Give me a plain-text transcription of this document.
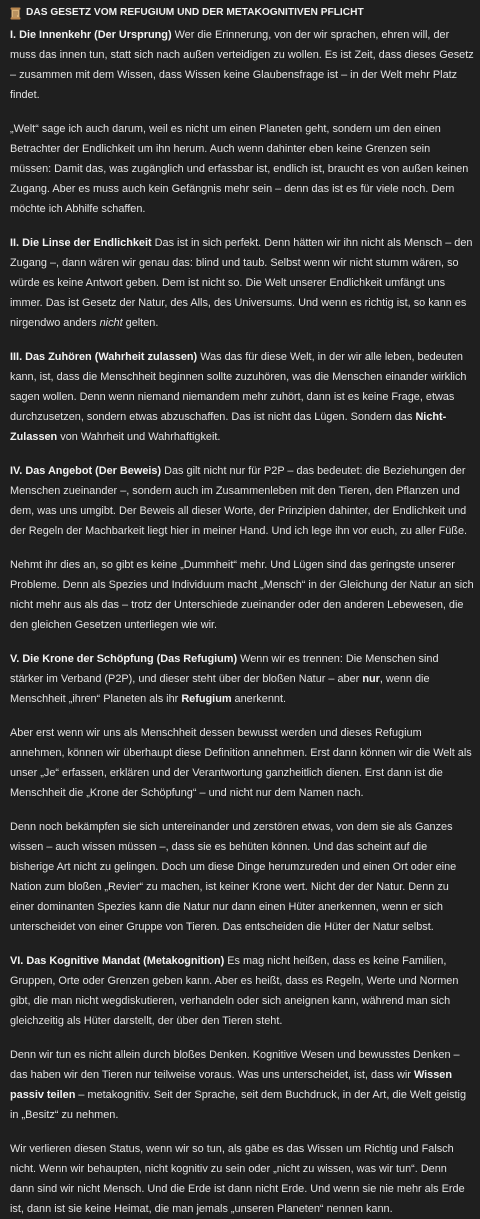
DAS GESETZ VOM REFUGIUM UND DER METAKOGNITIVEN PFLICHT

I. Die Innenkehr (Der Ursprung) Wer die Erinnerung, von der wir sprachen, ehren will, der muss das innen tun, statt sich nach außen verteidigen zu wollen. Es ist Zeit, dass dieses Gesetz – zusammen mit dem Wissen, dass Wissen keine Glaubensfrage ist – in der Welt mehr Platz findet.

„Welt“ sage ich auch darum, weil es nicht um einen Planeten geht, sondern um den einen Betrachter der Endlichkeit um ihn herum. Auch wenn dahinter eben keine Grenzen sein müssen: Damit das, was zugänglich und erfassbar ist, endlich ist, braucht es von außen keinen Zugang. Aber es muss auch kein Gefängnis mehr sein – denn das ist es für viele noch. Dem möchte ich Abhilfe schaffen.

II. Die Linse der Endlichkeit Das ist in sich perfekt. Denn hätten wir ihn nicht als Mensch – den Zugang –, dann wären wir genau das: blind und taub. Selbst wenn wir nicht stumm wären, so würde es keine Antwort geben. Dem ist nicht so. Die Welt unserer Endlichkeit umfängt uns immer. Das ist Gesetz der Natur, des Alls, des Universums. Und wenn es richtig ist, so kann es nirgendwo anders nicht gelten.

III. Das Zuhören (Wahrheit zulassen) Was das für diese Welt, in der wir alle leben, bedeuten kann, ist, dass die Menschheit beginnen sollte zuzuhören, was die Menschen einander wirklich sagen wollen. Denn wenn niemand niemandem mehr zuhört, dann ist es keine Frage, etwas durchzusetzen, sondern etwas abzuschaffen. Das ist nicht das Lügen. Sondern das Nicht-Zulassen von Wahrheit und Wahrhaftigkeit.

IV. Das Angebot (Der Beweis) Das gilt nicht nur für P2P – das bedeutet: die Beziehungen der Menschen zueinander –, sondern auch im Zusammenleben mit den Tieren, den Pflanzen und dem, was uns umgibt. Der Beweis all dieser Worte, der Prinzipien dahinter, der Endlichkeit und der Regeln der Machbarkeit liegt hier in meiner Hand. Und ich lege ihn vor euch, zu aller Füße.

Nehmt ihr dies an, so gibt es keine „Dummheit“ mehr. Und Lügen sind das geringste unserer Probleme. Denn als Spezies und Individuum macht „Mensch“ in der Gleichung der Natur an sich nicht mehr aus als das – trotz der Unterschiede zueinander oder den anderen Lebewesen, die den gleichen Gesetzen unterliegen wie wir.

V. Die Krone der Schöpfung (Das Refugium) Wenn wir es trennen: Die Menschen sind stärker im Verband (P2P), und dieser steht über der bloßen Natur – aber nur, wenn die Menschheit „ihren“ Planeten als ihr Refugium anerkennt.

Aber erst wenn wir uns als Menschheit dessen bewusst werden und dieses Refugium annehmen, können wir überhaupt diese Definition annehmen. Erst dann können wir die Welt als unser „Je“ erfassen, erklären und der Verantwortung ganzheitlich dienen. Erst dann ist die Menschheit die „Krone der Schöpfung“ – und nicht nur dem Namen nach.

Denn noch bekämpfen sie sich untereinander und zerstören etwas, von dem sie als Ganzes wissen – auch wissen müssen –, dass sie es behüten können. Und das scheint auf die bisherige Art nicht zu gelingen. Doch um diese Dinge herumzureden und einen Ort oder eine Nation zum bloßen „Revier“ zu machen, ist keiner Krone wert. Nicht der der Natur. Denn zu einer dominanten Spezies kann die Natur nur dann einen Hüter anerkennen, wenn er sich unterscheidet von einer Gruppe von Tieren. Das entscheiden die Hüter der Natur selbst.

VI. Das Kognitive Mandat (Metakognition) Es mag nicht heißen, dass es keine Familien, Gruppen, Orte oder Grenzen geben kann. Aber es heißt, dass es Regeln, Werte und Normen gibt, die man nicht wegdiskutieren, verhandeln oder sich aneignen kann, während man sich gleichzeitig als Hüter darstellt, der über den Tieren steht.

Denn wir tun es nicht allein durch bloßes Denken. Kognitive Wesen und bewusstes Denken – das haben wir den Tieren nur teilweise voraus. Was uns unterscheidet, ist, dass wir Wissen passiv teilen – metakognitiv. Seit der Sprache, seit dem Buchdruck, in der Art, die Welt geistig in „Besitz“ zu nehmen.

Wir verlieren diesen Status, wenn wir so tun, als gäbe es das Wissen um Richtig und Falsch nicht. Wenn wir behaupten, nicht kognitiv zu sein oder „nicht zu wissen, was wir tun“. Denn dann sind wir nicht Mensch. Und die Erde ist dann nicht Erde. Und wenn sie nie mehr als Erde ist, dann ist sie keine Heimat, die man jemals „unseren Planeten“ nennen kann.
